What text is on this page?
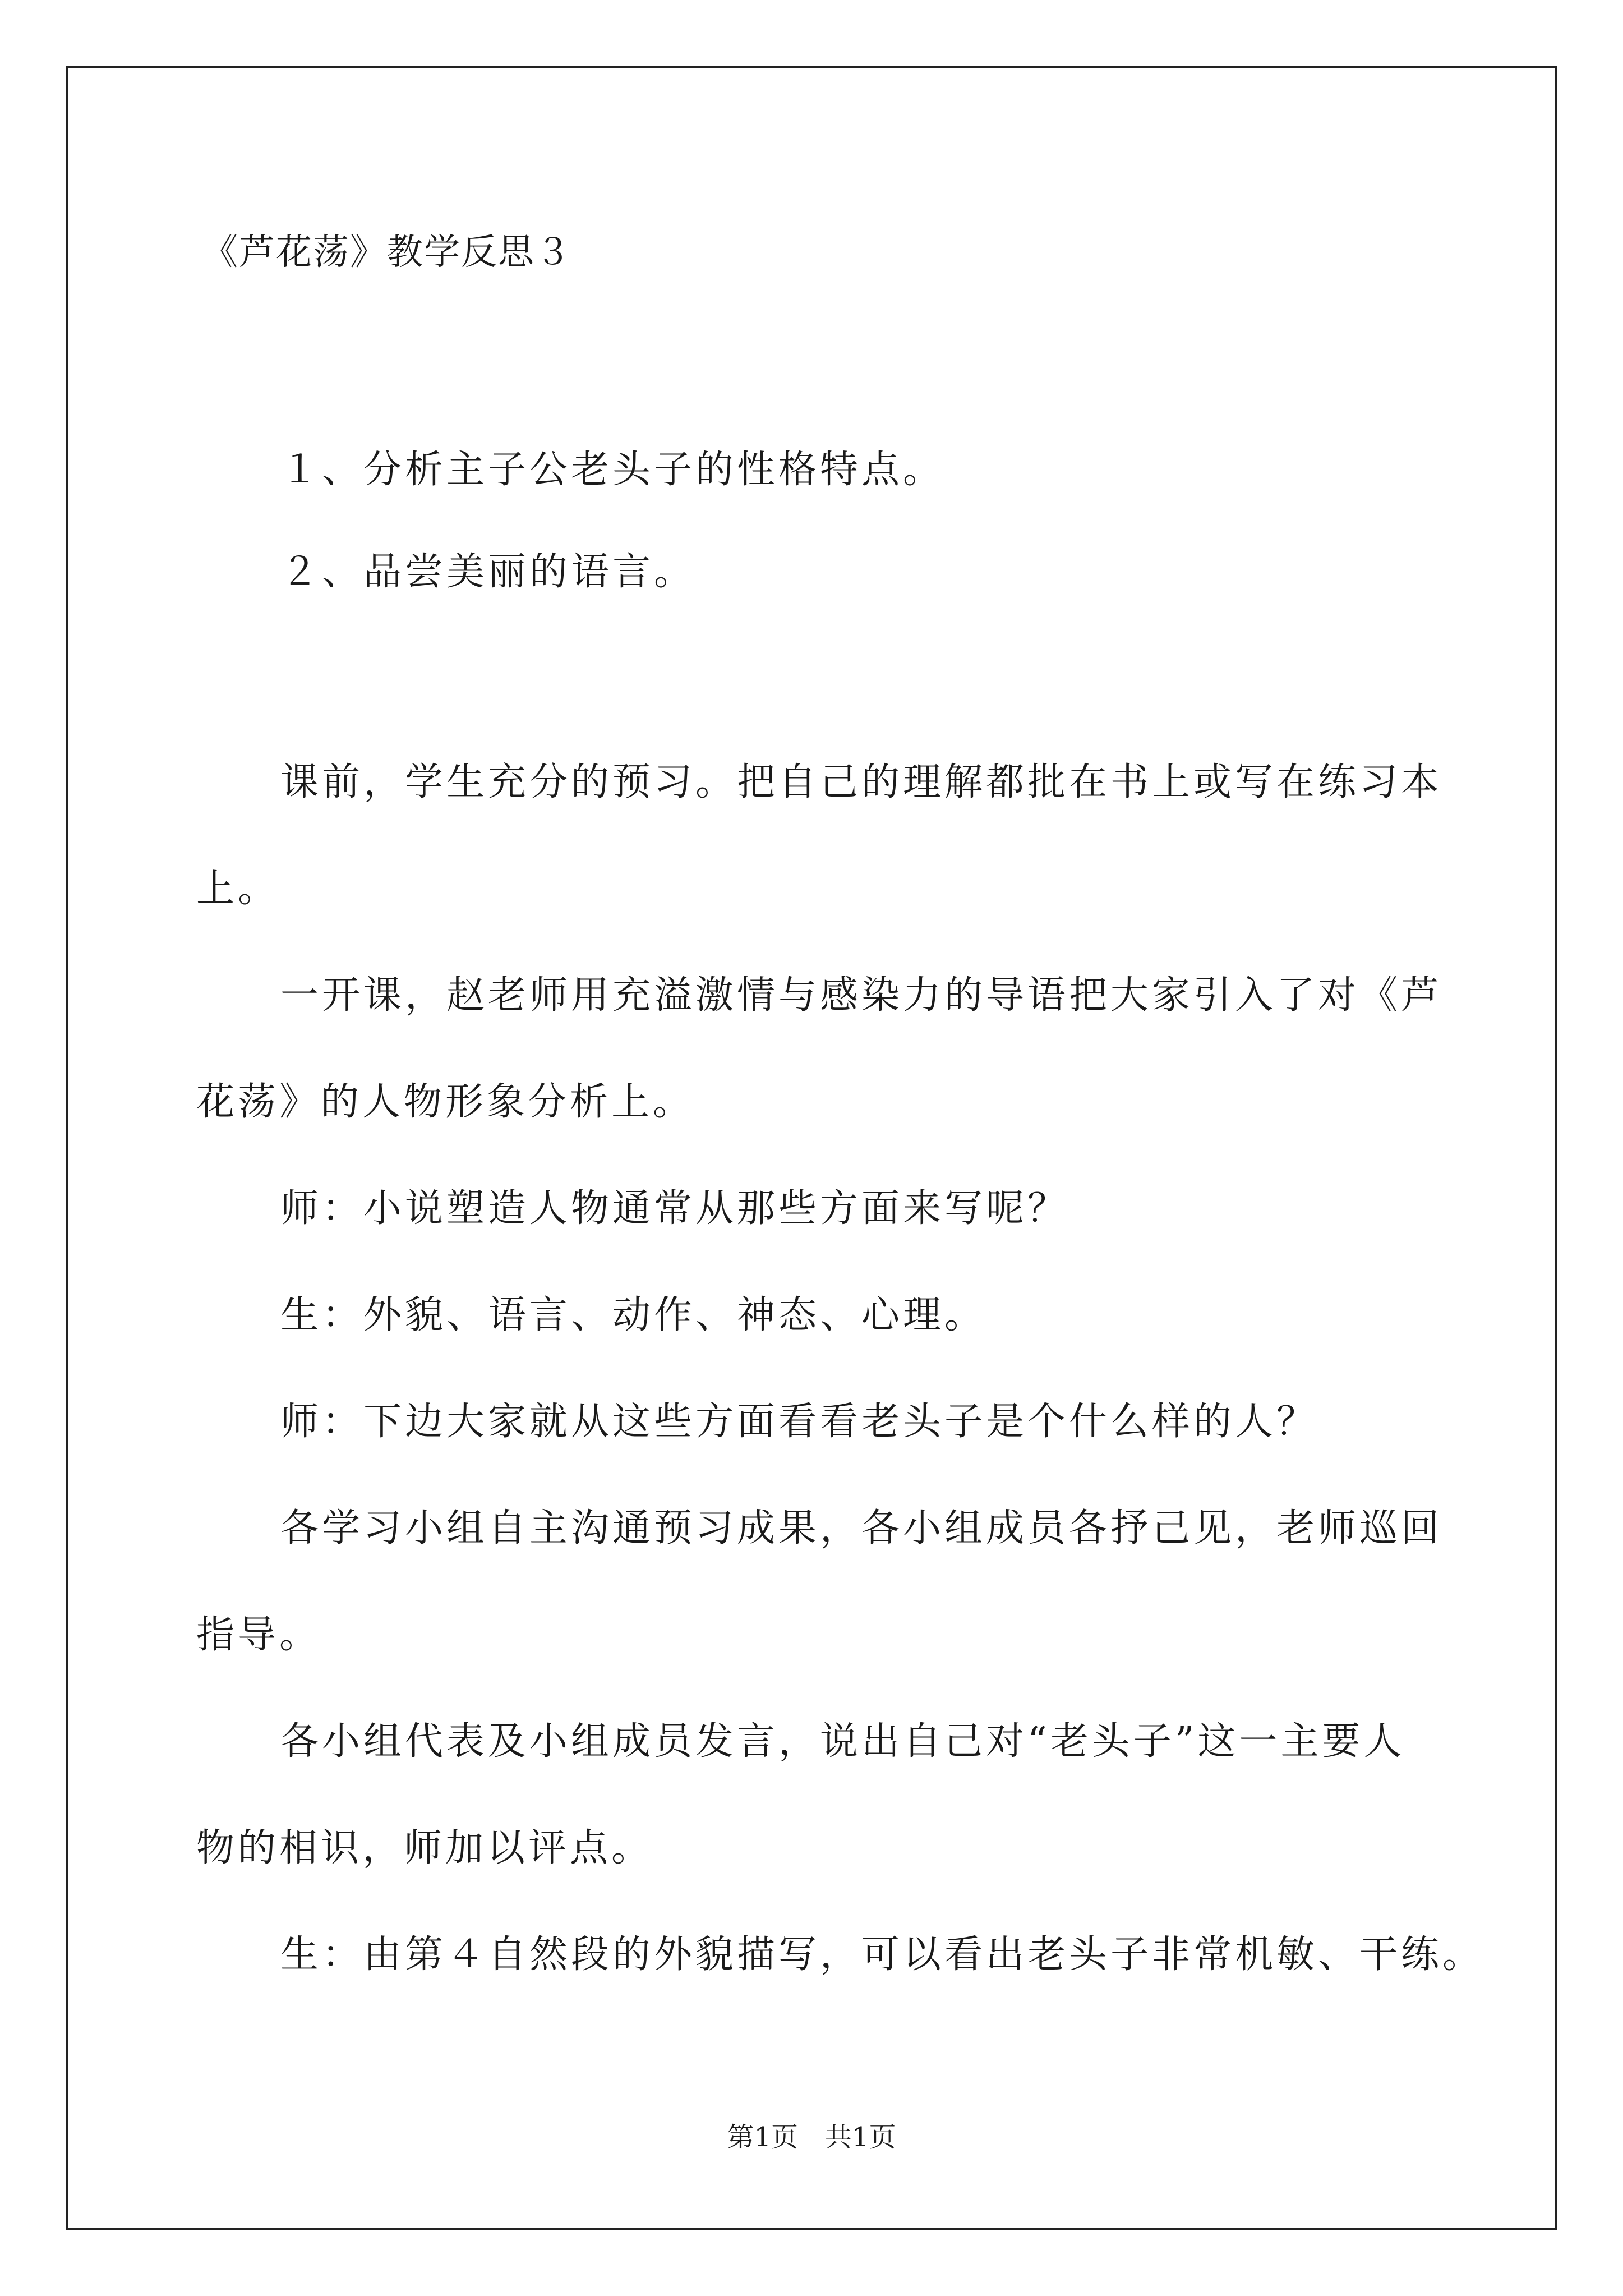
《芦花荡》教学反思３
１、分析主子公老头子的性格特点。
２、品尝美丽的语言。
课前，学生充分的预习。把自己的理解都批在书上或写在练习本
上。
一开课，赵老师用充溢激情与感染力的导语把大家引入了对《芦
花荡》的人物形象分析上。
师：小说塑造人物通常从那些方面来写呢？
生：外貌、语言、动作、神态、心理。
师：下边大家就从这些方面看看老头子是个什么样的人？
各学习小组自主沟通预习成果，各小组成员各抒己见，老师巡回
指导。
各小组代表及小组成员发言，说出自己对“老头子”这一主要人
物的相识，师加以评点。
生：由第４自然段的外貌描写，可以看出老头子非常机敏、干练。
第1页　共1页
